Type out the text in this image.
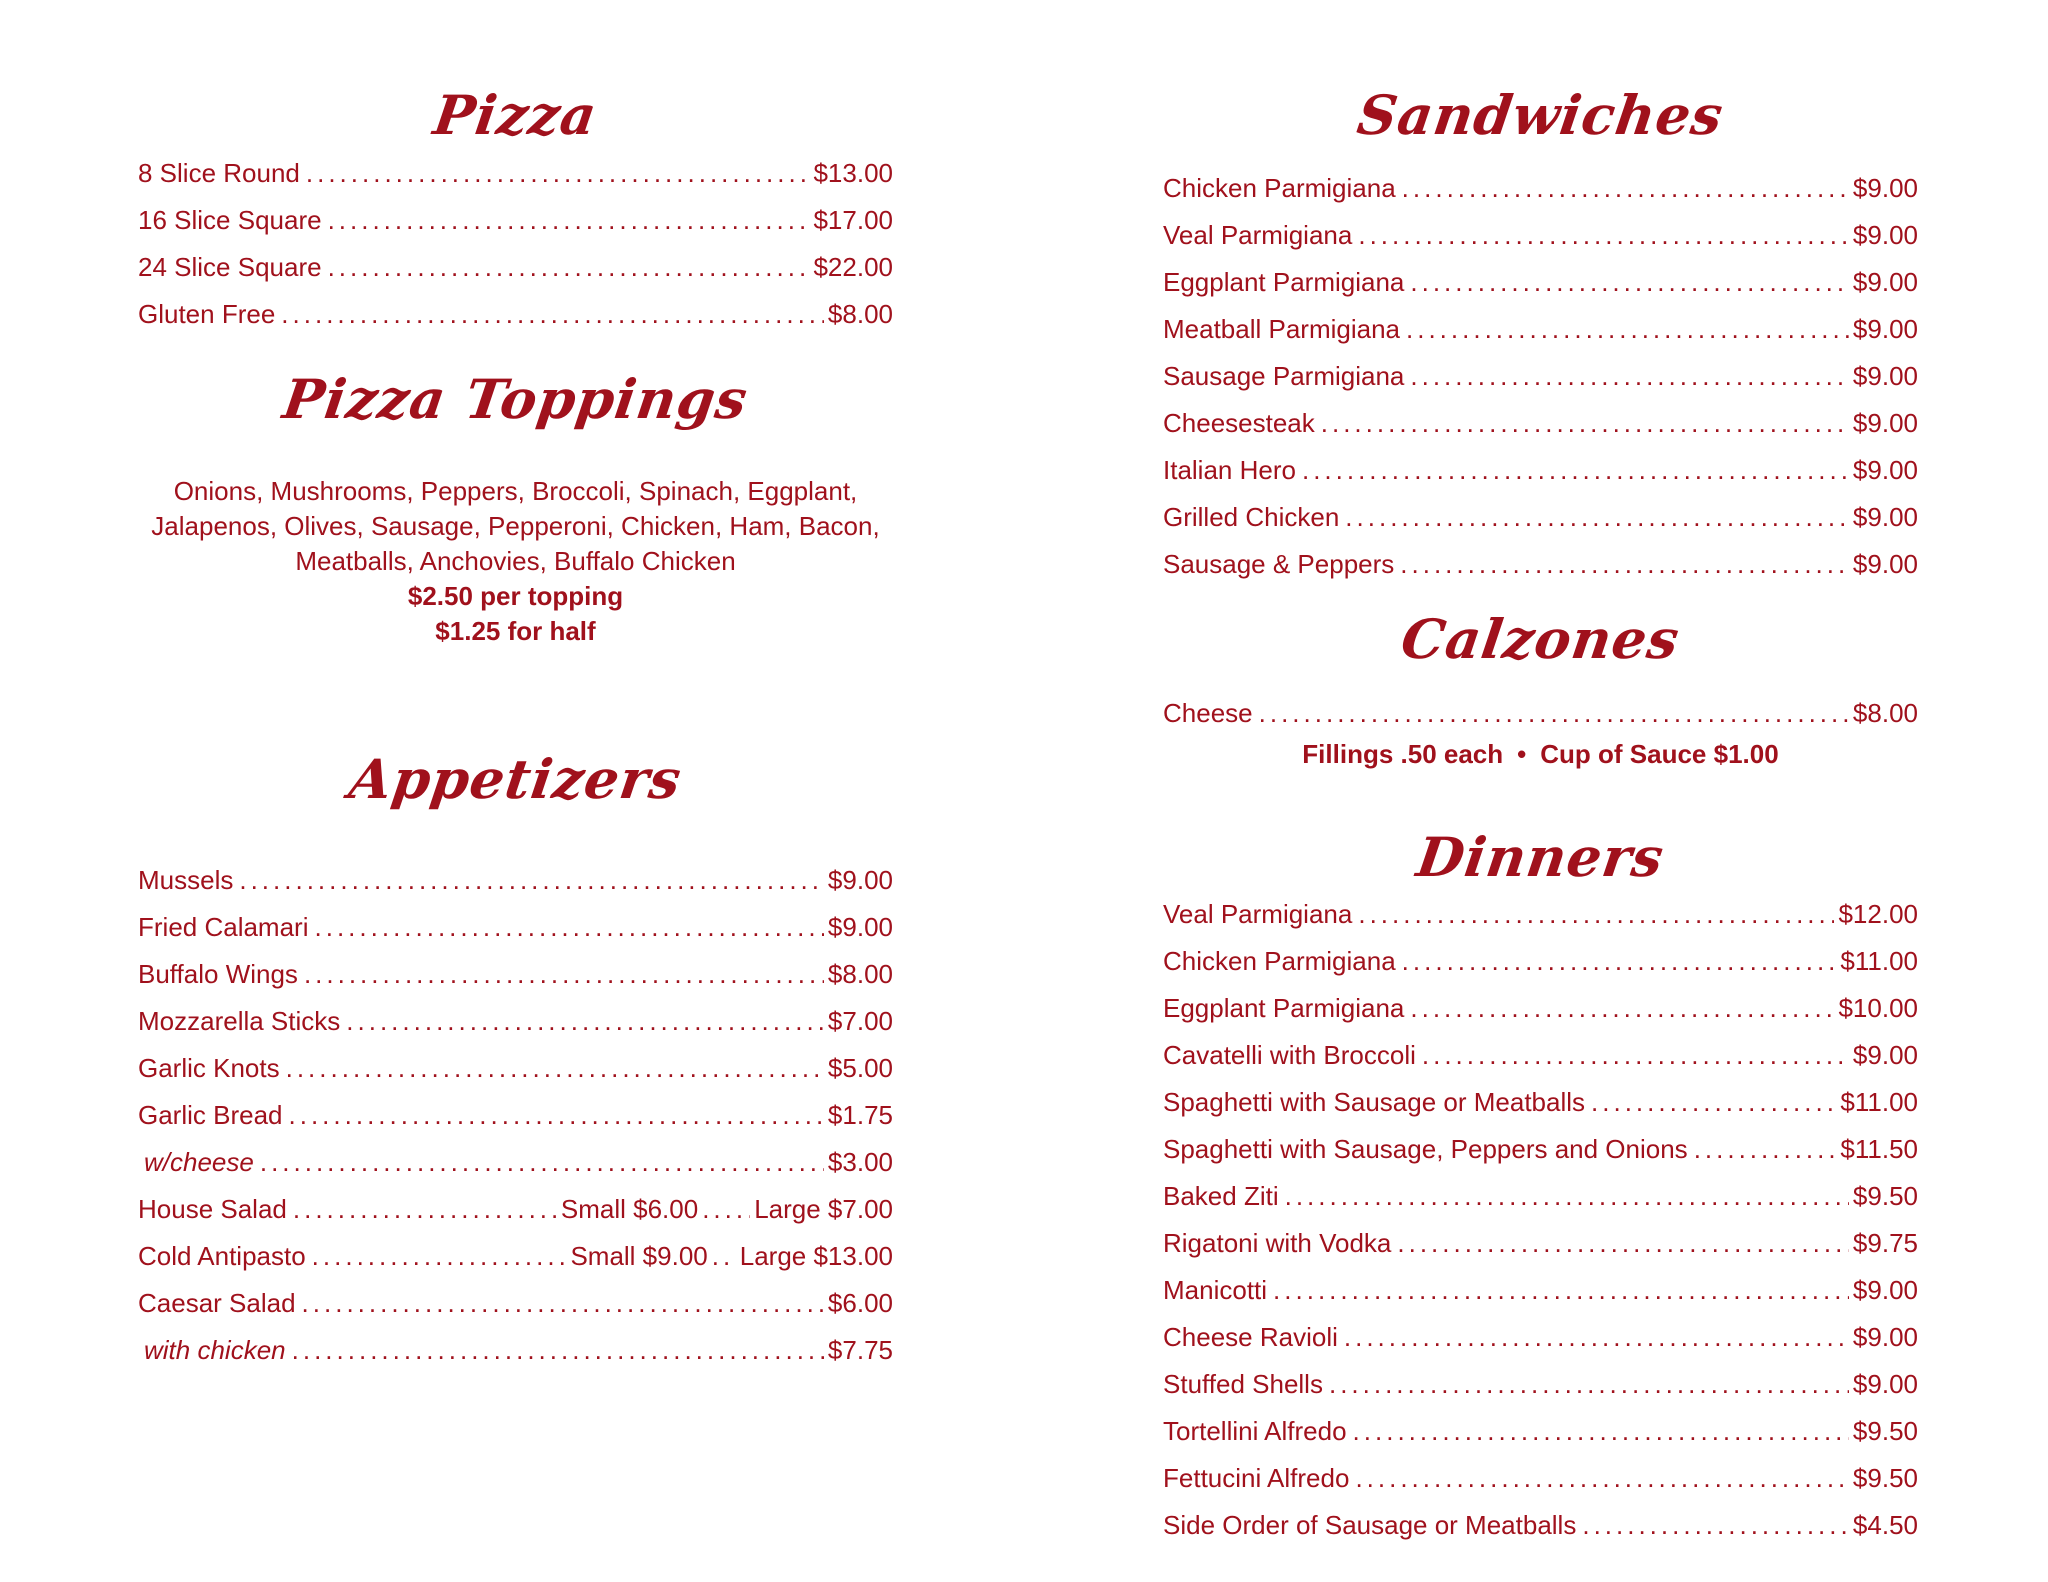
Pizza
8 Slice Round .....	$13.00
16 Slice Square .....	$17.00
24 Slice Square .....	$22.00
Gluten Free .....	$8.00
Pizza Toppings
Onions, Mushrooms, Peppers, Broccoli, Spinach, Eggplant,
Jalapenos, Olives, Sausage, Pepperoni, Chicken, Ham, Bacon,
Meatballs, Anchovies, Buffalo Chicken
$2.50 per topping
$1.25 for half
Appetizers
Mussels .....	$9.00
Fried Calamari .....	$9.00
Buffalo Wings .....	$8.00
Mozzarella Sticks .....	$7.00
Garlic Knots .....	$5.00
Garlic Bread .....	$1.75
w/cheese .....	$3.00
House Salad .....	Small $6.00 ..... Large $7.00
Cold Antipasto .....	Small $9.00 ..... Large $13.00
Caesar Salad .....	$6.00
with chicken .....	$7.75
Sandwiches
Chicken Parmigiana .....	$9.00
Veal Parmigiana .....	$9.00
Eggplant Parmigiana .....	$9.00
Meatball Parmigiana .....	$9.00
Sausage Parmigiana .....	$9.00
Cheesesteak .....	$9.00
Italian Hero .....	$9.00
Grilled Chicken .....	$9.00
Sausage & Peppers .....	$9.00
Calzones
Cheese .....	$8.00
Fillings .50 each • Cup of Sauce $1.00
Dinners
Veal Parmigiana .....	$12.00
Chicken Parmigiana .....	$11.00
Eggplant Parmigiana .....	$10.00
Cavatelli with Broccoli .....	$9.00
Spaghetti with Sausage or Meatballs .....	$11.00
Spaghetti with Sausage, Peppers and Onions .....	$11.50
Baked Ziti .....	$9.50
Rigatoni with Vodka .....	$9.75
Manicotti .....	$9.00
Cheese Ravioli .....	$9.00
Stuffed Shells .....	$9.00
Tortellini Alfredo .....	$9.50
Fettucini Alfredo .....	$9.50
Side Order of Sausage or Meatballs .....	$4.50
